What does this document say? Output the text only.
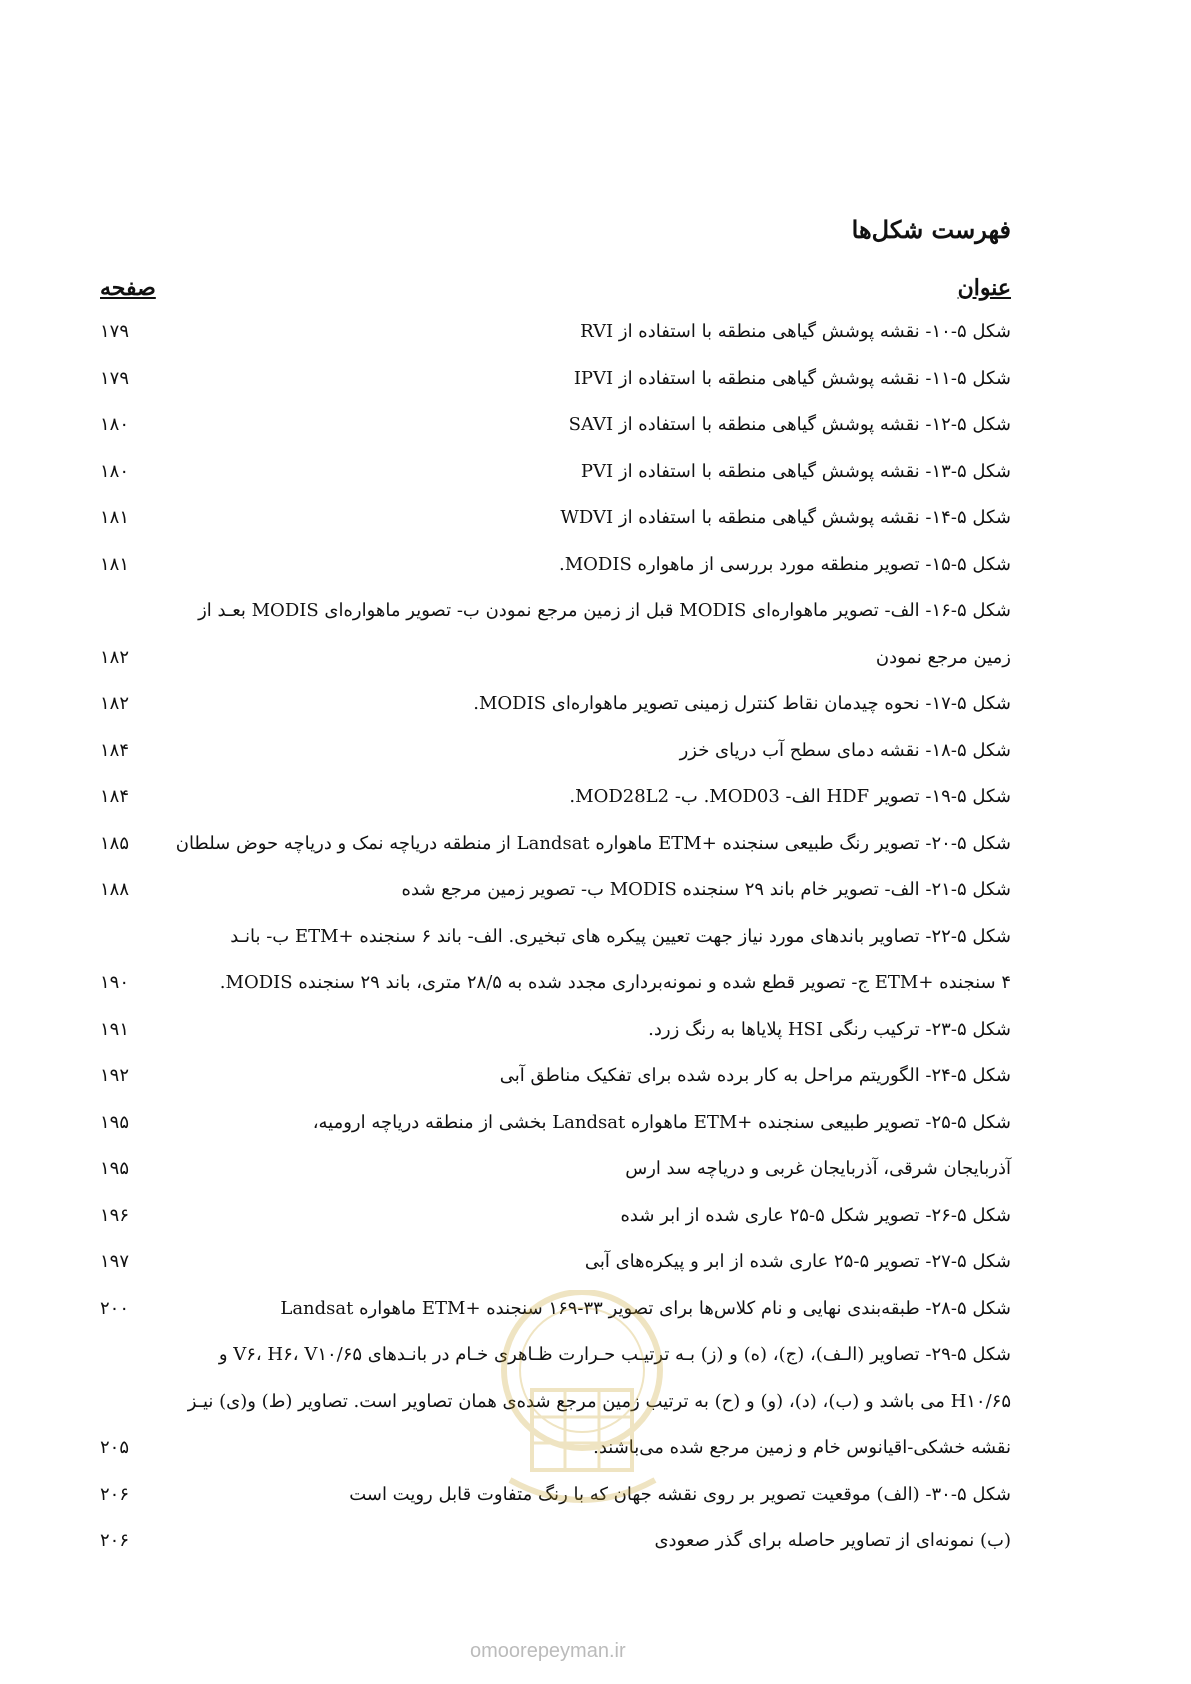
فهرست شکل‌ها
عنوان
صفحه
شکل ۵-۱۰- نقشه پوشش گیاهی منطقه با استفاده از RVI
۱۷۹
شکل ۵-۱۱- نقشه پوشش گیاهی منطقه با استفاده از IPVI
۱۷۹
شکل ۵-۱۲- نقشه پوشش گیاهی منطقه با استفاده از SAVI
۱۸۰
شکل ۵-۱۳- نقشه پوشش گیاهی منطقه با استفاده از PVI
۱۸۰
شکل ۵-۱۴- نقشه پوشش گیاهی منطقه با استفاده از WDVI
۱۸۱
شکل ۵-۱۵- تصویر منطقه مورد بررسی از ماهواره MODIS.
۱۸۱
شکل ۵-۱۶- الف- تصویر ماهواره‌ای MODIS قبل از زمین مرجع نمودن ب- تصویر ماهواره‌ای MODIS بعـد از
زمین مرجع نمودن
۱۸۲
شکل ۵-۱۷- نحوه چیدمان نقاط کنترل زمینی تصویر ماهواره‌ای MODIS.
۱۸۲
شکل ۵-۱۸- نقشه دمای سطح آب دریای خزر
۱۸۴
شکل ۵-۱۹- تصویر HDF الف- MOD03. ب- MOD28L2.
۱۸۴
شکل ۵-۲۰- تصویر رنگ طبیعی سنجنده +ETM ماهواره Landsat از منطقه دریاچه نمک و دریاچه حوض سلطان
۱۸۵
شکل ۵-۲۱- الف- تصویر خام باند ۲۹ سنجنده MODIS ب- تصویر زمین مرجع شده
۱۸۸
شکل ۵-۲۲- تصاویر باندهای مورد نیاز جهت تعیین پیکره های تبخیری. الف- باند ۶ سنجنده +ETM ب- بانـد
۴ سنجنده +ETM ج- تصویر قطع شده و نمونه‌برداری مجدد شده به ۲۸/۵ متری، باند ۲۹ سنجنده MODIS.
۱۹۰
شکل ۵-۲۳- ترکیب رنگی HSI پلایاها به رنگ زرد.
۱۹۱
شکل ۵-۲۴- الگوریتم مراحل به کار برده شده برای تفکیک مناطق آبی
۱۹۲
شکل ۵-۲۵- تصویر طبیعی سنجنده +ETM ماهواره Landsat بخشی از منطقه دریاچه ارومیه،
۱۹۵
آذربایجان شرقی، آذربایجان غربی و دریاچه سد ارس
۱۹۵
شکل ۵-۲۶- تصویر شکل ۵-۲۵ عاری شده از ابر شده
۱۹۶
شکل ۵-۲۷- تصویر ۵-۲۵ عاری شده از ابر و پیکره‌های آبی
۱۹۷
شکل ۵-۲۸- طبقه‌بندی نهایی و نام کلاس‌ها برای تصویر ۳۳-۱۶۹ سنجنده +ETM ماهواره Landsat
۲۰۰
شکل ۵-۲۹- تصاویر (الـف)، (ج)، (ه) و (ز) بـه ترتیـب حـرارت ظـاهری خـام در بانـدهای V۶، H۶، V۱۰/۶۵ و
H۱۰/۶۵ می باشد و (ب)، (د)، (و) و (ح) به ترتیب زمین مرجع شده‌ی همان تصاویر است. تصاویر (ط) و(ی) نیـز
نقشه خشکی-اقیانوس خام و زمین مرجع شده می‌باشند.
۲۰۵
شکل ۵-۳۰- (الف) موقعیت تصویر بر روی نقشه جهان که با رنگ متفاوت قابل رویت است
۲۰۶
(ب) نمونه‌ای از تصاویر حاصله برای گذر صعودی
۲۰۶
omoorepeyman.ir
